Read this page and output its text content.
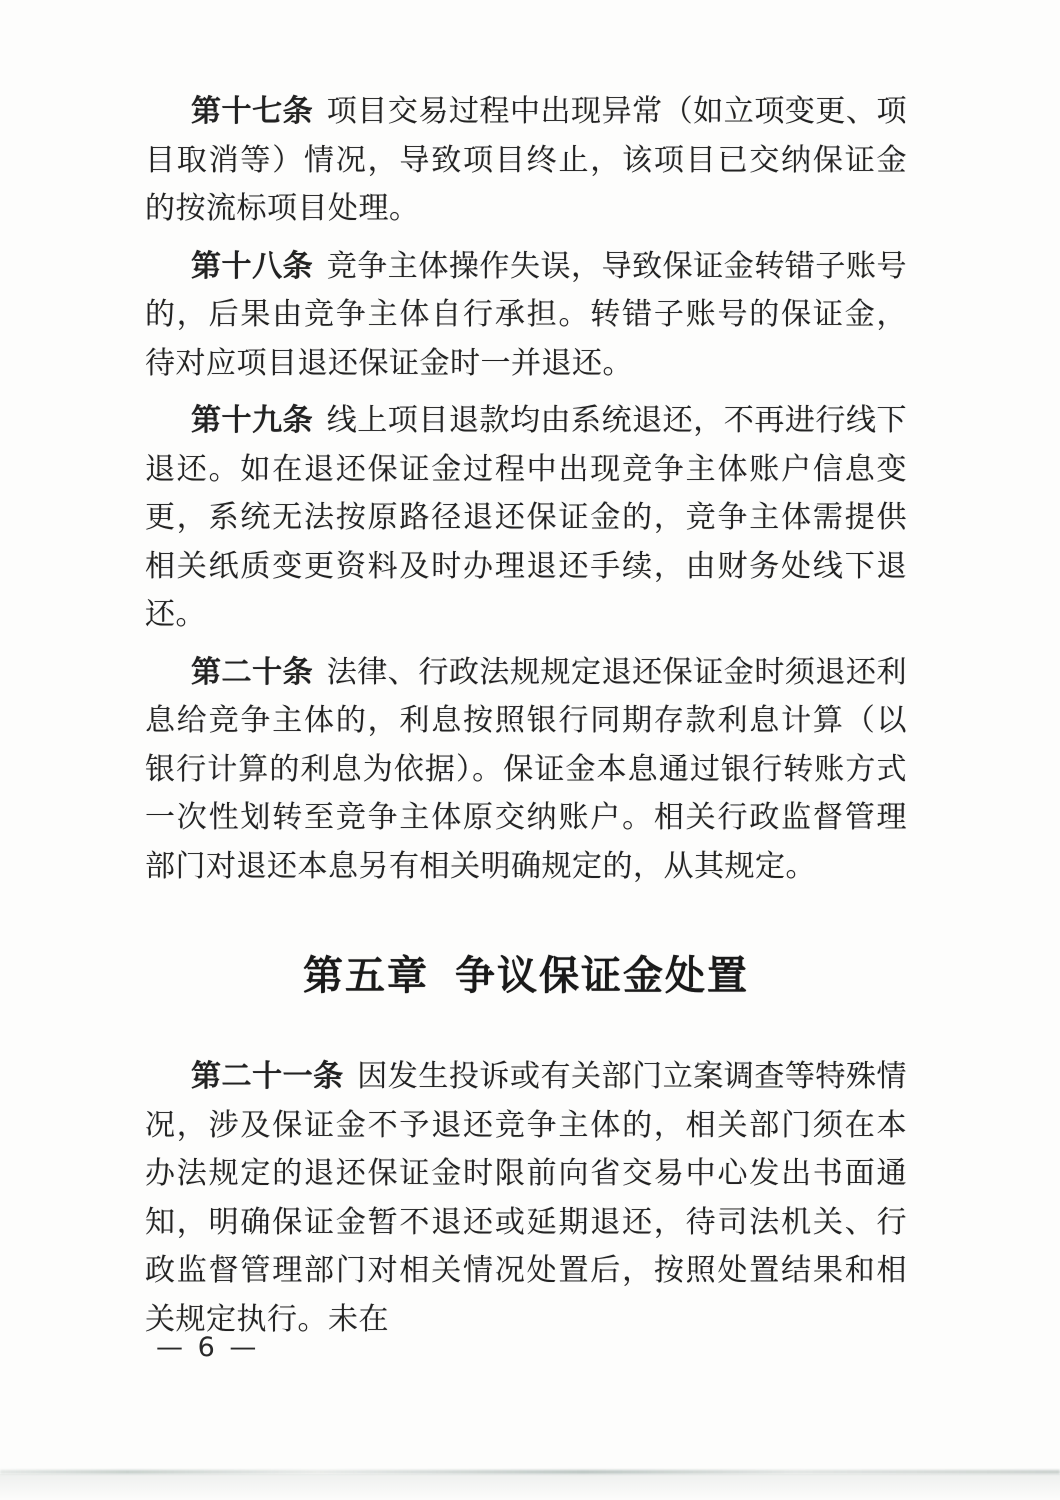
第十七条 项目交易过程中出现异常（如立项变更、项目取消等）情况，导致项目终止，该项目已交纳保证金的按流标项目处理。

第十八条 竞争主体操作失误，导致保证金转错子账号的，后果由竞争主体自行承担。转错子账号的保证金，待对应项目退还保证金时一并退还。

第十九条 线上项目退款均由系统退还，不再进行线下退还。如在退还保证金过程中出现竞争主体账户信息变更，系统无法按原路径退还保证金的，竞争主体需提供相关纸质变更资料及时办理退还手续，由财务处线下退还。

第二十条 法律、行政法规规定退还保证金时须退还利息给竞争主体的，利息按照银行同期存款利息计算（以银行计算的利息为依据）。保证金本息通过银行转账方式一次性划转至竞争主体原交纳账户。相关行政监督管理部门对退还本息另有相关明确规定的，从其规定。

第五章 争议保证金处置

第二十一条 因发生投诉或有关部门立案调查等特殊情况，涉及保证金不予退还竞争主体的，相关部门须在本办法规定的退还保证金时限前向省交易中心发出书面通知，明确保证金暂不退还或延期退还，待司法机关、行政监督管理部门对相关情况处置后，按照处置结果和相关规定执行。未在

— 6 —
